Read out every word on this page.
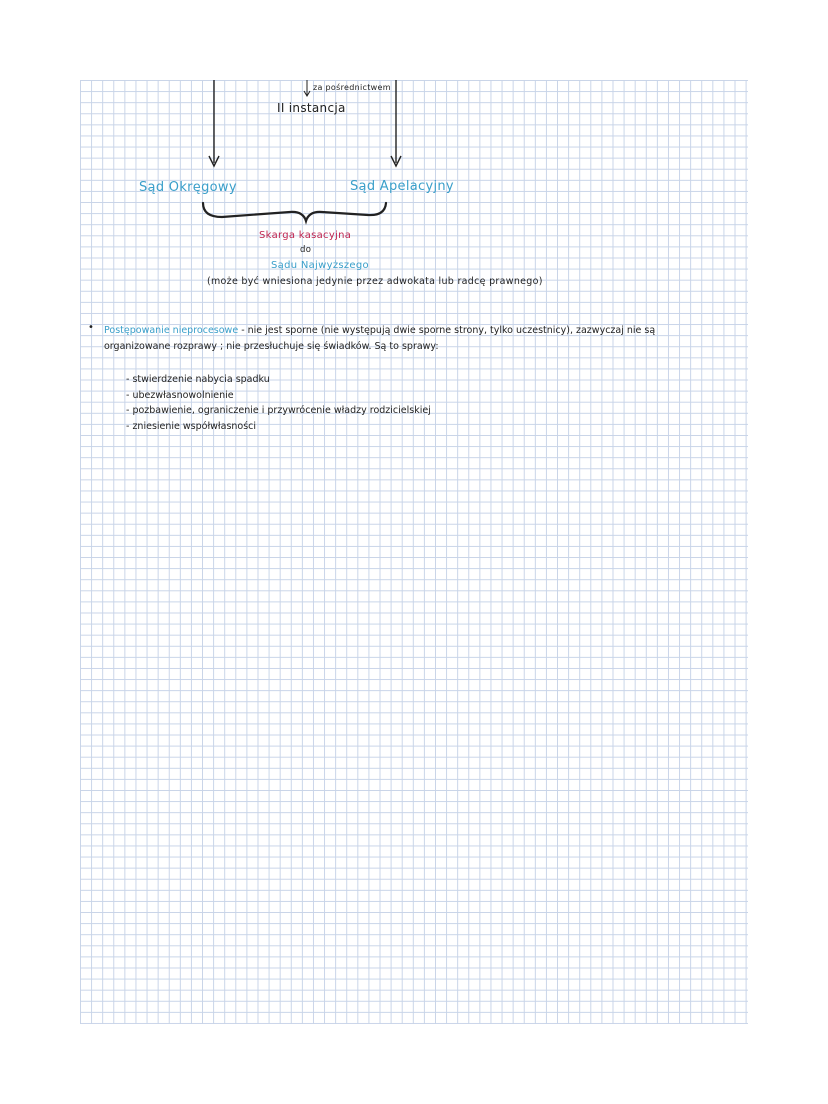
za pośrednictwem
II instancja
Sąd Okręgowy	Sąd Apelacyjny
Skarga kasacyjna
do
Sądu Najwyższego
(może być wniesiona jedynie przez adwokata lub radcę prawnego)
• Postępowanie nieprocesowe - nie jest sporne (nie występują dwie sporne strony, tylko uczestnicy), zazwyczaj nie są organizowane rozprawy ; nie przesłuchuje się świadków. Są to sprawy:
- stwierdzenie nabycia spadku
- ubezwłasnowolnienie
- pozbawienie, ograniczenie i przywrócenie władzy rodzicielskiej
- zniesienie współwłasności
